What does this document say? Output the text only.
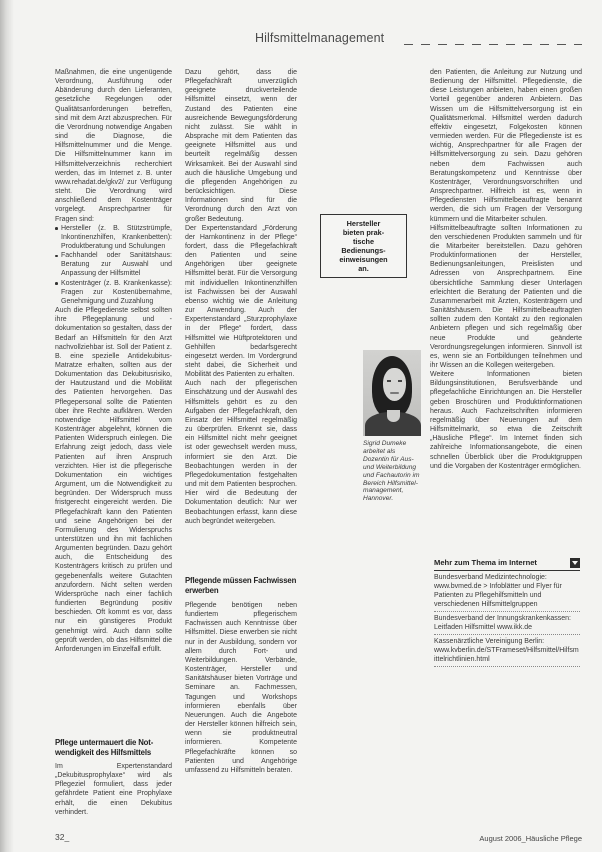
Hilfsmittelmanagement

Maßnahmen, die eine ungenügende Verordnung, Ausführung oder Abänderung durch den Lieferanten, gesetzliche Regelungen oder Qualitätsanforderungen betreffen, sind mit dem Arzt abzusprechen. Für die Verordnung notwendige Angaben sind die Diagnose, die Hilfsmittelnummer und die Menge. Die Hilfsmittelnummer kann im Hilfsmittelverzeichnis recherchiert werden, das im Internet z. B. unter www.rehadat.de/gkv2/ zur Verfügung steht. Die Verordnung wird anschließend dem Kostenträger vorgelegt. Ansprechpartner für Fragen sind:

Hersteller (z. B. Stützstrümpfe, Inkontinenzhilfen, Krankenbetten): Produktberatung und Schulungen
Fachhandel oder Sanitätshaus: Beratung zur Auswahl und Anpassung der Hilfsmittel
Kostenträger (z. B. Krankenkasse): Fragen zur Kostenübernahme, Genehmigung und Zuzahlung

Auch die Pflegedienste selbst sollten ihre Pflegeplanung und -dokumentation so gestalten, dass der Bedarf an Hilfsmitteln für den Arzt nachvollziehbar ist. Soll der Patient z. B. eine spezielle Antidekubitus-Matratze erhalten, sollten aus der Dokumentation das Dekubitusrisiko, der Hautzustand und die Mobilität des Patienten hervorgehen. Das Pflegepersonal sollte die Patienten über ihre Rechte aufklären. Werden notwendige Hilfsmittel vom Kostenträger abgelehnt, können die Patienten Widerspruch einlegen. Die Erfahrung zeigt jedoch, dass viele Patienten auf ihren Anspruch verzichten. Hier ist die pflegerische Dokumentation ein wichtiges Argument, um die Notwendigkeit zu begründen. Der Widerspruch muss fristgerecht eingereicht werden. Die Pflegefachkraft kann den Patienten und seine Angehörigen bei der Formulierung des Widerspruchs unterstützen und ihn mit fachlichen Argumenten begründen. Dazu gehört auch, die Entscheidung des Kostenträgers kritisch zu prüfen und gegebenenfalls weitere Gutachten anzufordern. Nicht selten werden Widersprüche nach einer fachlich fundierten Begründung positiv beschieden. Oft kommt es vor, dass nur ein günstigeres Produkt genehmigt wird. Auch dann sollte geprüft werden, ob das Hilfsmittel die Anforderungen im Einzelfall erfüllt.

Pflege untermauert die Notwendigkeit des Hilfsmittels

Im Expertenstandard „Dekubitusprophylaxe“ wird als Pflegeziel formuliert, dass jeder gefährdete Patient eine Prophylaxe erhält, die einen Dekubitus verhindert.

Dazu gehört, dass die Pflegefachkraft unverzüglich geeignete druckverteilende Hilfsmittel einsetzt, wenn der Zustand des Patienten eine ausreichende Bewegungsförderung nicht zulässt. Sie wählt in Absprache mit dem Patienten das geeignete Hilfsmittel aus und beurteilt regelmäßig dessen Wirksamkeit. Bei der Auswahl sind auch die häusliche Umgebung und die pflegenden Angehörigen zu berücksichtigen. Diese Informationen sind für die Verordnung durch den Arzt von großer Bedeutung.

Der Expertenstandard „Förderung der Harnkontinenz in der Pflege“ fordert, dass die Pflegefachkraft den Patienten und seine Angehörigen über geeignete Hilfsmittel berät. Für die Versorgung mit individuellen Inkontinenzhilfen ist Fachwissen bei der Auswahl ebenso wichtig wie die Anleitung zur Anwendung. Auch der Expertenstandard „Sturzprophylaxe in der Pflege“ fordert, dass Hilfsmittel wie Hüftprotektoren und Gehhilfen bedarfsgerecht eingesetzt werden. Im Vordergrund steht dabei, die Sicherheit und Mobilität des Patienten zu erhalten.

Auch nach der pflegerischen Einschätzung und der Auswahl des Hilfsmittels gehört es zu den Aufgaben der Pflegefachkraft, den Einsatz der Hilfsmittel regelmäßig zu überprüfen. Erkennt sie, dass ein Hilfsmittel nicht mehr geeignet ist oder gewechselt werden muss, informiert sie den Arzt. Die Beobachtungen werden in der Pflegedokumentation festgehalten und mit dem Patienten besprochen. Hier wird die Bedeutung der Dokumentation deutlich: Nur wer Beobachtungen erfasst, kann diese auch begründet weitergeben.

Pflegende müssen Fachwissen erwerben

Pflegende benötigen neben fundiertem pflegerischem Fachwissen auch Kenntnisse über Hilfsmittel. Diese erwerben sie nicht nur in der Ausbildung, sondern vor allem durch Fort- und Weiterbildungen. Verbände, Kostenträger, Hersteller und Sanitätshäuser bieten Vorträge und Seminare an. Fachmessen, Tagungen und Workshops informieren ebenfalls über Neuerungen. Auch die Angebote der Hersteller können hilfreich sein, wenn sie produktneutral informieren. Kompetente Pflegefachkräfte können so Patienten und Angehörige umfassend zu Hilfsmitteln beraten.

Hersteller bieten praktische Bedienungseinweisungen an.
Sigrid Dumeke arbeitet als Dozentin für Aus- und Weiterbildung und Fachautorin im Bereich Hilfsmittelmanagement, Hannover.

den Patienten, die Anleitung zur Nutzung und Bedienung der Hilfsmittel. Pflegedienste, die diese Leistungen anbieten, haben einen großen Vorteil gegenüber anderen Anbietern. Das Wissen um die Hilfsmittelversorgung ist ein Qualitätsmerkmal. Hilfsmittel werden dadurch effektiv eingesetzt, Folgekosten können vermieden werden. Für die Pflegedienste ist es wichtig, Ansprechpartner für alle Fragen der Hilfsmittelversorgung zu sein. Dazu gehören neben dem Fachwissen auch Beratungskompetenz und Kenntnisse über Kostenträger, Verordnungsvorschriften und Ansprechpartner. Hilfreich ist es, wenn in Pflegediensten Hilfsmittelbeauftragte benannt werden, die sich um Fragen der Versorgung kümmern und die Mitarbeiter schulen.

Hilfsmittelbeauftragte sollten Informationen zu den verschiedenen Produkten sammeln und für die Mitarbeiter bereitstellen. Dazu gehören Produktinformationen der Hersteller, Bedienungsanleitungen, Preislisten und Adressen von Ansprechpartnern. Eine übersichtliche Sammlung dieser Unterlagen erleichtert die Beratung der Patienten und die Zusammenarbeit mit Ärzten, Kostenträgern und Sanitätshäusern. Die Hilfsmittelbeauftragten sollten zudem den Kontakt zu den regionalen Anbietern pflegen und sich regelmäßig über neue Produkte und geänderte Verordnungsregelungen informieren. Sinnvoll ist es, wenn sie an Fortbildungen teilnehmen und ihr Wissen an die Kollegen weitergeben.

Weitere Informationen bieten Bildungsinstitutionen, Berufsverbände und pflegefachliche Einrichtungen an. Die Hersteller geben Broschüren und Produktinformationen heraus. Auch Fachzeitschriften informieren regelmäßig über Neuerungen auf dem Hilfsmittelmarkt, so etwa die Zeitschrift „Häusliche Pflege“. Im Internet finden sich zahlreiche Informationsangebote, die einen schnellen Überblick über die Produktgruppen und die Vorgaben der Kostenträger ermöglichen.

Mehr zum Thema im Internet
Bundesverband Medizintechnologie: www.bvmed.de > Infoblätter und Flyer für Patienten zu Pflegehilfsmitteln und verschiedenen Hilfsmittelgruppen
Bundesverband der Innungskrankenkassen: Leitfaden Hilfsmittel www.ikk.de
Kassenärztliche Vereinigung Berlin: www.kvberlin.de/STFrameset/Hilfsmittel/Hilfsmittelrichtlinien.html
32_	August 2006_Häusliche Pflege
